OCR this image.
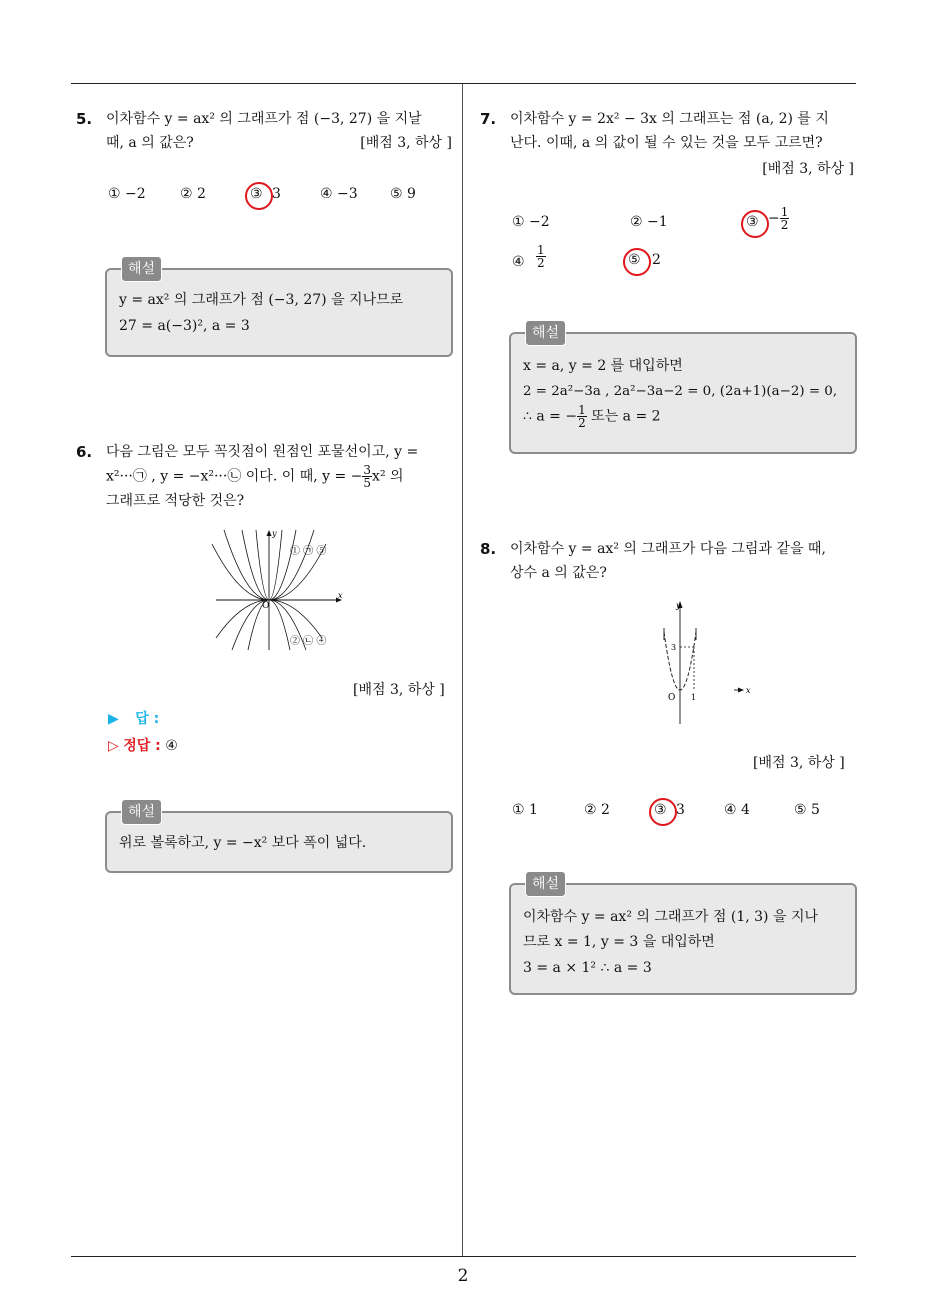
2
5. 이차함수 y = ax² 의 그래프가 점 (−3, 27) 을 지날
때, a 의 값은?	[배점 3, 하상 ]
① −2 ② 2	③ 3	④ −3 ⑤ 9
해설
y = ax² 의 그래프가 점 (−3, 27) 을 지나므로
27 = a(−3)², a = 3
6. 다음 그림은 모두 꼭짓점이 원점인 포물선이고, y =
x²···㉠ , y = −x²···㉡ 이다. 이 때, y = − $\frac{3}{5} x^2$ 의
그래프로 적당한 것은?
y
x
O
① ㉠ ⑤
② ㉡ ④
[배점 3, 하상 ]
▶ 답 :
▷ 정답 : ④
해설
위로 볼록하고, y = −x² 보다 폭이 넓다.
7. 이차함수 y = 2x² − 3x 의 그래프는 점 (a, 2) 를 지
난다. 이때, a 의 값이 될 수 있는 것을 모두 고르면?
[배점 3, 하상 ]
① −2	② −1	③ − $\frac{1}{2}$
④ $\frac{1}{2}$	⑤ 2
해설
x = a, y = 2 를 대입하면
2 = 2a²−3a , 2a²−3a−2 = 0, (2a+1)(a−2) = 0,
∴ a = − $\frac{1}{2}$ 또는 a = 2
8. 이차함수 y = ax² 의 그래프가 다음 그림과 같을 때,
상수 a 의 값은?
y
x
O
3
1
[배점 3, 하상 ]
① 1	② 2	③ 3	④ 4	⑤ 5
해설
이차함수 y = ax² 의 그래프가 점 (1, 3) 을 지나
므로 x = 1, y = 3 을 대입하면
3 = a × 1² ∴ a = 3
